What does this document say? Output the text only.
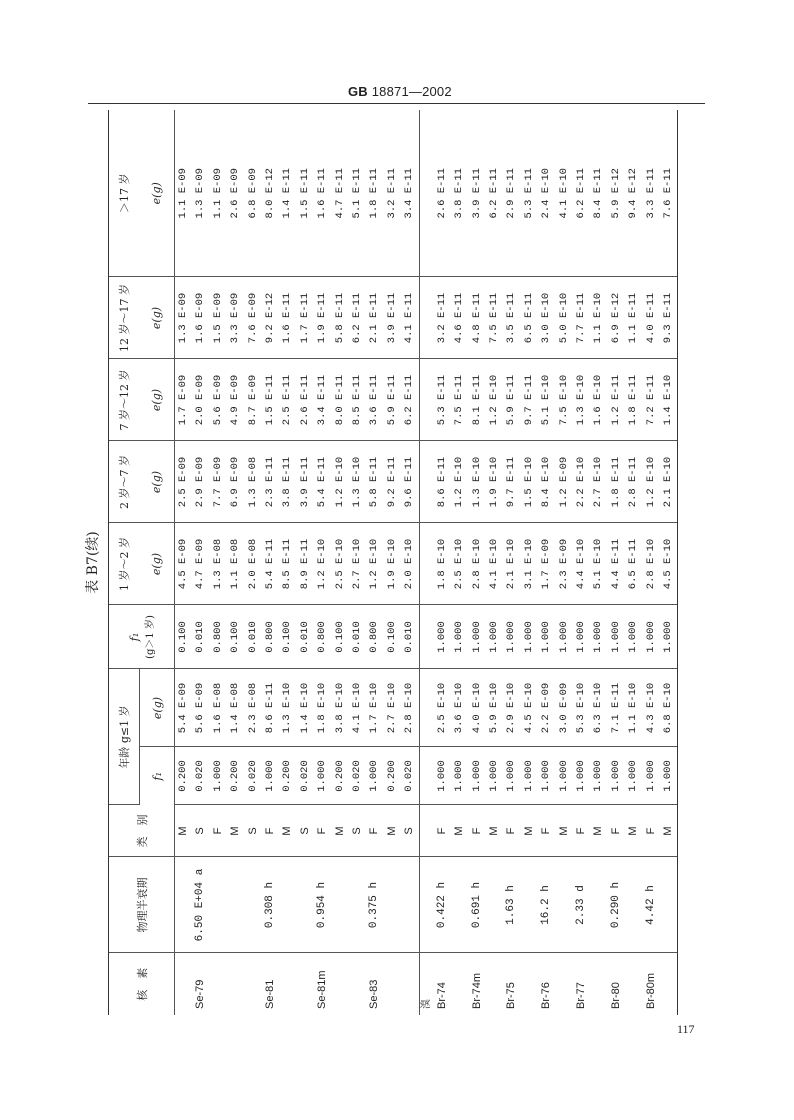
GB 18871—2002
表 B7(续)
核　素	物理半衰期	类　别	年龄 g≤1 岁		f₁ (g＞1 岁)	1 岁～2 岁	2 岁～7 岁	7 岁～12 岁	12 岁～17 岁	＞17 岁
			f₁	e(g)		e(g)	e(g)	e(g)	e(g)	e(g)
		M	0.200	5.4 E-09	0.100	4.5 E-09	2.5 E-09	1.7 E-09	1.3 E-09	1.1 E-09
Se-79	6.50 E+04 a	S	0.020	5.6 E-09	0.010	4.7 E-09	2.9 E-09	2.0 E-09	1.6 E-09	1.3 E-09
		F	1.000	1.6 E-08	0.800	1.3 E-08	7.7 E-09	5.6 E-09	1.5 E-09	1.1 E-09
		M	0.200	1.4 E-08	0.100	1.1 E-08	6.9 E-09	4.9 E-09	3.3 E-09	2.6 E-09
		S	0.020	2.3 E-08	0.010	2.0 E-08	1.3 E-08	8.7 E-09	7.6 E-09	6.8 E-09
Se-81	0.308 h	F	1.000	8.6 E-11	0.800	5.4 E-11	2.3 E-11	1.5 E-11	9.2 E-12	8.0 E-12
		M	0.200	1.3 E-10	0.100	8.5 E-11	3.8 E-11	2.5 E-11	1.6 E-11	1.4 E-11
		S	0.020	1.4 E-10	0.010	8.9 E-11	3.9 E-11	2.6 E-11	1.7 E-11	1.5 E-11
Se-81m	0.954 h	F	1.000	1.8 E-10	0.800	1.2 E-10	5.4 E-11	3.4 E-11	1.9 E-11	1.6 E-11
		M	0.200	3.8 E-10	0.100	2.5 E-10	1.2 E-10	8.0 E-11	5.8 E-11	4.7 E-11
		S	0.020	4.1 E-10	0.010	2.7 E-10	1.3 E-10	8.5 E-11	6.2 E-11	5.1 E-11
Se-83	0.375 h	F	1.000	1.7 E-10	0.800	1.2 E-10	5.8 E-11	3.6 E-11	2.1 E-11	1.8 E-11
		M	0.200	2.7 E-10	0.100	1.9 E-10	9.2 E-11	5.9 E-11	3.9 E-11	3.2 E-11
		S	0.020	2.8 E-10	0.010	2.0 E-10	9.6 E-11	6.2 E-11	4.1 E-11	3.4 E-11
溴										
Br-74	0.422 h	F	1.000	2.5 E-10	1.000	1.8 E-10	8.6 E-11	5.3 E-11	3.2 E-11	2.6 E-11
		M	1.000	3.6 E-10	1.000	2.5 E-10	1.2 E-10	7.5 E-11	4.6 E-11	3.8 E-11
Br-74m	0.691 h	F	1.000	4.0 E-10	1.000	2.8 E-10	1.3 E-10	8.1 E-11	4.8 E-11	3.9 E-11
		M	1.000	5.9 E-10	1.000	4.1 E-10	1.9 E-10	1.2 E-10	7.5 E-11	6.2 E-11
Br-75	1.63 h	F	1.000	2.9 E-10	1.000	2.1 E-10	9.7 E-11	5.9 E-11	3.5 E-11	2.9 E-11
		M	1.000	4.5 E-10	1.000	3.1 E-10	1.5 E-10	9.7 E-11	6.5 E-11	5.3 E-11
Br-76	16.2 h	F	1.000	2.2 E-09	1.000	1.7 E-09	8.4 E-10	5.1 E-10	3.0 E-10	2.4 E-10
		M	1.000	3.0 E-09	1.000	2.3 E-09	1.2 E-09	7.5 E-10	5.0 E-10	4.1 E-10
Br-77	2.33 d	F	1.000	5.3 E-10	1.000	4.4 E-10	2.2 E-10	1.3 E-10	7.7 E-11	6.2 E-11
		M	1.000	6.3 E-10	1.000	5.1 E-10	2.7 E-10	1.6 E-10	1.1 E-10	8.4 E-11
Br-80	0.290 h	F	1.000	7.1 E-11	1.000	4.4 E-11	1.8 E-11	1.2 E-11	6.9 E-12	5.9 E-12
		M	1.000	1.1 E-10	1.000	6.5 E-11	2.8 E-11	1.8 E-11	1.1 E-11	9.4 E-12
Br-80m	4.42 h	F	1.000	4.3 E-10	1.000	2.8 E-10	1.2 E-10	7.2 E-11	4.0 E-11	3.3 E-11
		M	1.000	6.8 E-10	1.000	4.5 E-10	2.1 E-10	1.4 E-10	9.3 E-11	7.6 E-11
117
